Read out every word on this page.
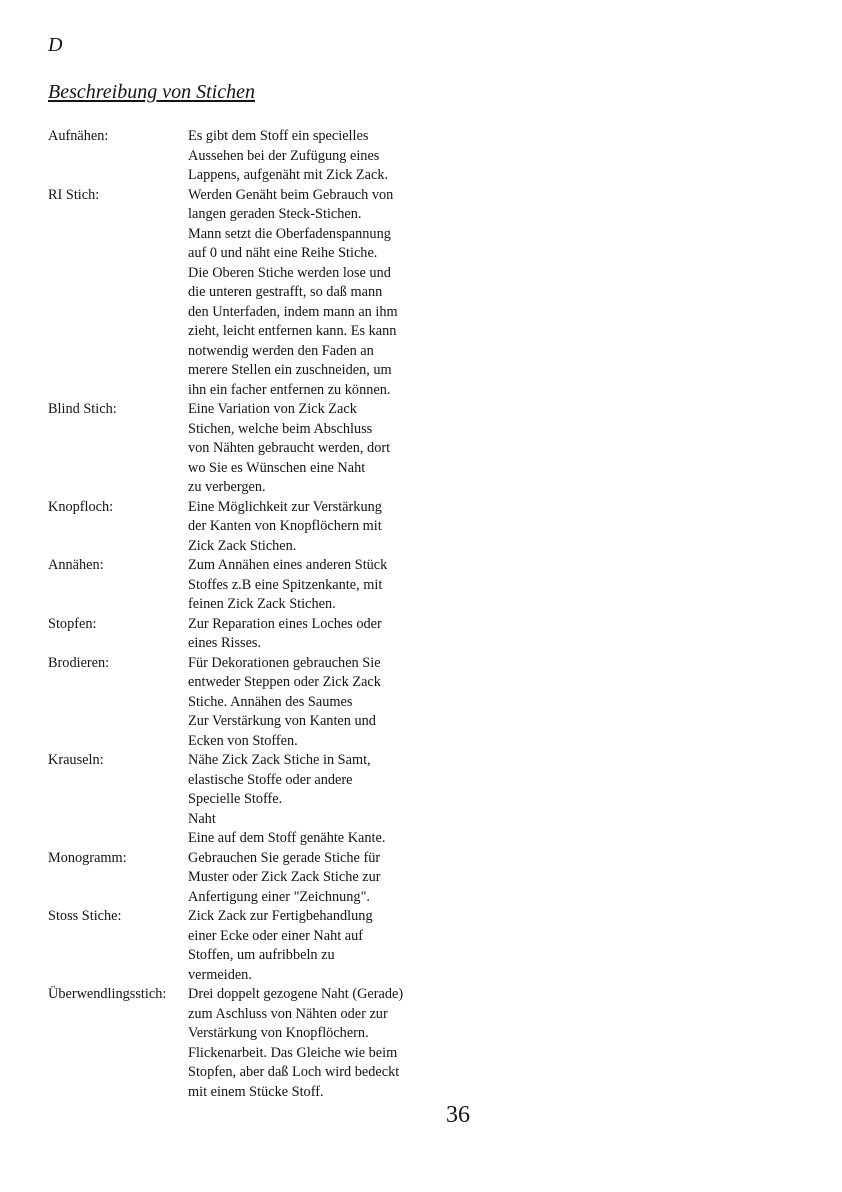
D
Beschreibung von Stichen
Aufnähen:	Es gibt dem Stoff ein specielles
Aussehen bei der Zufügung eines
Lappens, aufgenäht mit Zick Zack.
RI Stich:	Werden Genäht beim Gebrauch von
langen geraden Steck-Stichen.
Mann setzt die Oberfadenspannung
auf 0 und näht eine Reihe Stiche.
Die Oberen Stiche werden lose und
die unteren gestrafft, so daß mann
den Unterfaden, indem mann an ihm
zieht, leicht entfernen kann. Es kann
notwendig werden den Faden an
merere Stellen ein zuschneiden, um
ihn ein facher entfernen zu können.
Blind Stich:	Eine Variation von Zick Zack
Stichen, welche beim Abschluss
von Nähten gebraucht werden, dort
wo Sie es Wünschen eine Naht
zu verbergen.
Knopfloch:	Eine Möglichkeit zur Verstärkung
der Kanten von Knopflöchern mit
Zick Zack Stichen.
Annähen:	Zum Annähen eines anderen Stück
Stoffes z.B eine Spitzenkante, mit
feinen Zick Zack Stichen.
Stopfen:	Zur Reparation eines Loches oder
eines Risses.
Brodieren:	Für Dekorationen gebrauchen Sie
entweder Steppen oder Zick Zack
Stiche. Annähen des Saumes
Zur Verstärkung von Kanten und
Ecken von Stoffen.
Krauseln:	Nähe Zick Zack Stiche in Samt,
elastische Stoffe oder andere
Specielle Stoffe.
Naht
Eine auf dem Stoff genähte Kante.
Monogramm:	Gebrauchen Sie gerade Stiche für
Muster oder Zick Zack Stiche zur
Anfertigung einer "Zeichnung".
Stoss Stiche:	Zick Zack zur Fertigbehandlung
einer Ecke oder einer Naht auf
Stoffen, um aufribbeln zu
vermeiden.
Überwendlingsstich:	Drei doppelt gezogene Naht (Gerade)
zum Aschluss von Nähten oder zur
Verstärkung von Knopflöchern.
Flickenarbeit. Das Gleiche wie beim
Stopfen, aber daß Loch wird bedeckt
mit einem Stücke Stoff.
36
